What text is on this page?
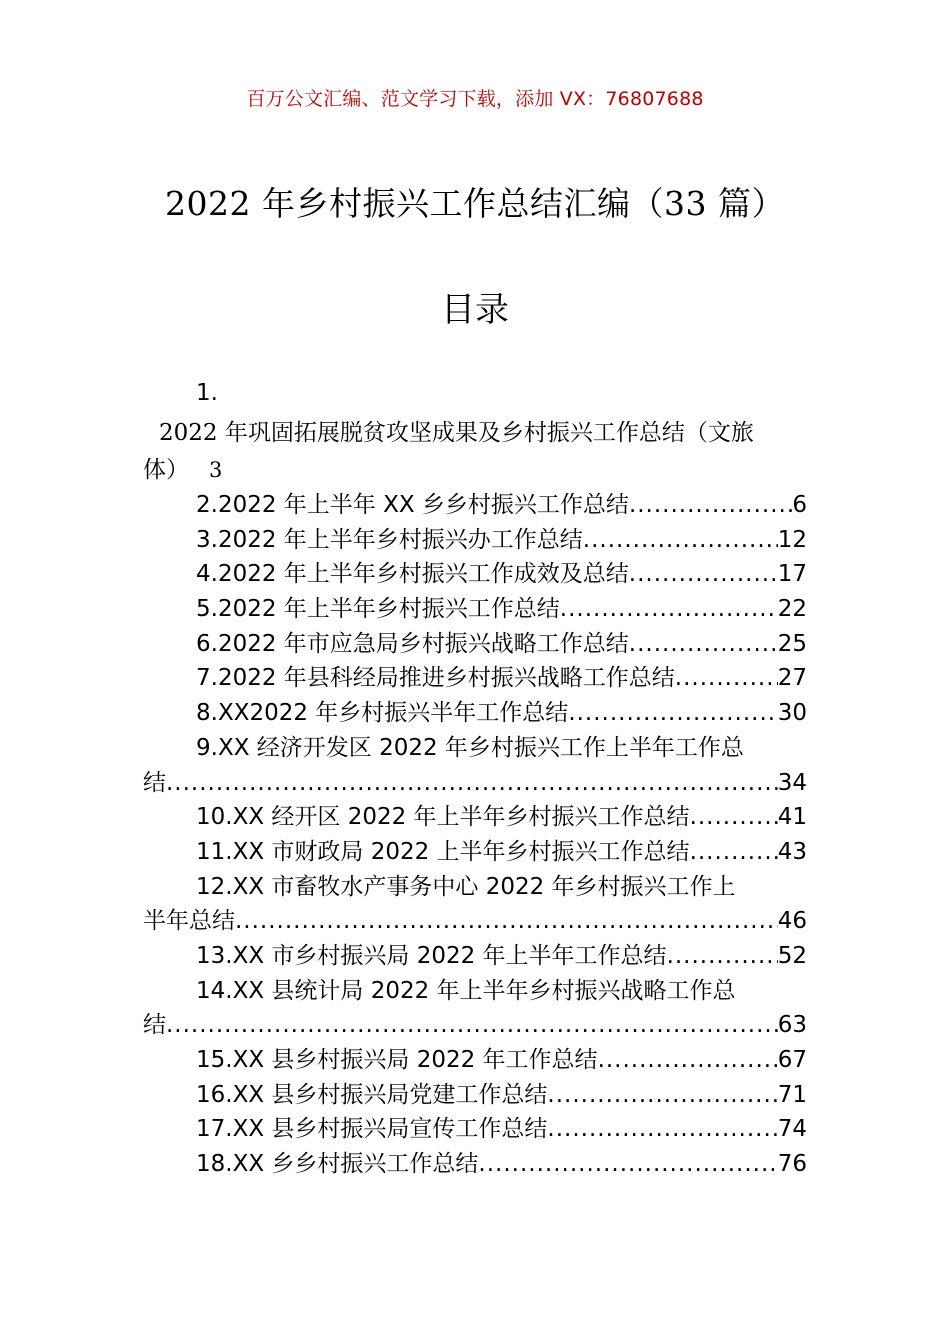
百万公文汇编、范文学习下载，添加 VX：76807688
2022 年乡村振兴工作总结汇编（33 篇）
目录
1.
2022 年巩固拓展脱贫攻坚成果及乡村振兴工作总结（文旅
体） 3
2.2022 年上半年 XX 乡乡村振兴工作总结 .....	6
3.2022 年上半年乡村振兴办工作总结 .....	12
4.2022 年上半年乡村振兴工作成效及总结 .....	17
5.2022 年上半年乡村振兴工作总结 .....	22
6.2022 年市应急局乡村振兴战略工作总结 .....	25
7.2022 年县科经局推进乡村振兴战略工作总结 .....	27
8.XX2022 年乡村振兴半年工作总结 .....	30
9.XX 经济开发区 2022 年乡村振兴工作上半年工作总
结 .....	34
10.XX 经开区 2022 年上半年乡村振兴工作总结 .....	41
11.XX 市财政局 2022 上半年乡村振兴工作总结 .....	43
12.XX 市畜牧水产事务中心 2022 年乡村振兴工作上
半年总结 .....	46
13.XX 市乡村振兴局 2022 年上半年工作总结 .....	52
14.XX 县统计局 2022 年上半年乡村振兴战略工作总
结 .....	63
15.XX 县乡村振兴局 2022 年工作总结 .....	67
16.XX 县乡村振兴局党建工作总结 .....	71
17.XX 县乡村振兴局宣传工作总结 .....	74
18.XX 乡乡村振兴工作总结 .....	76
